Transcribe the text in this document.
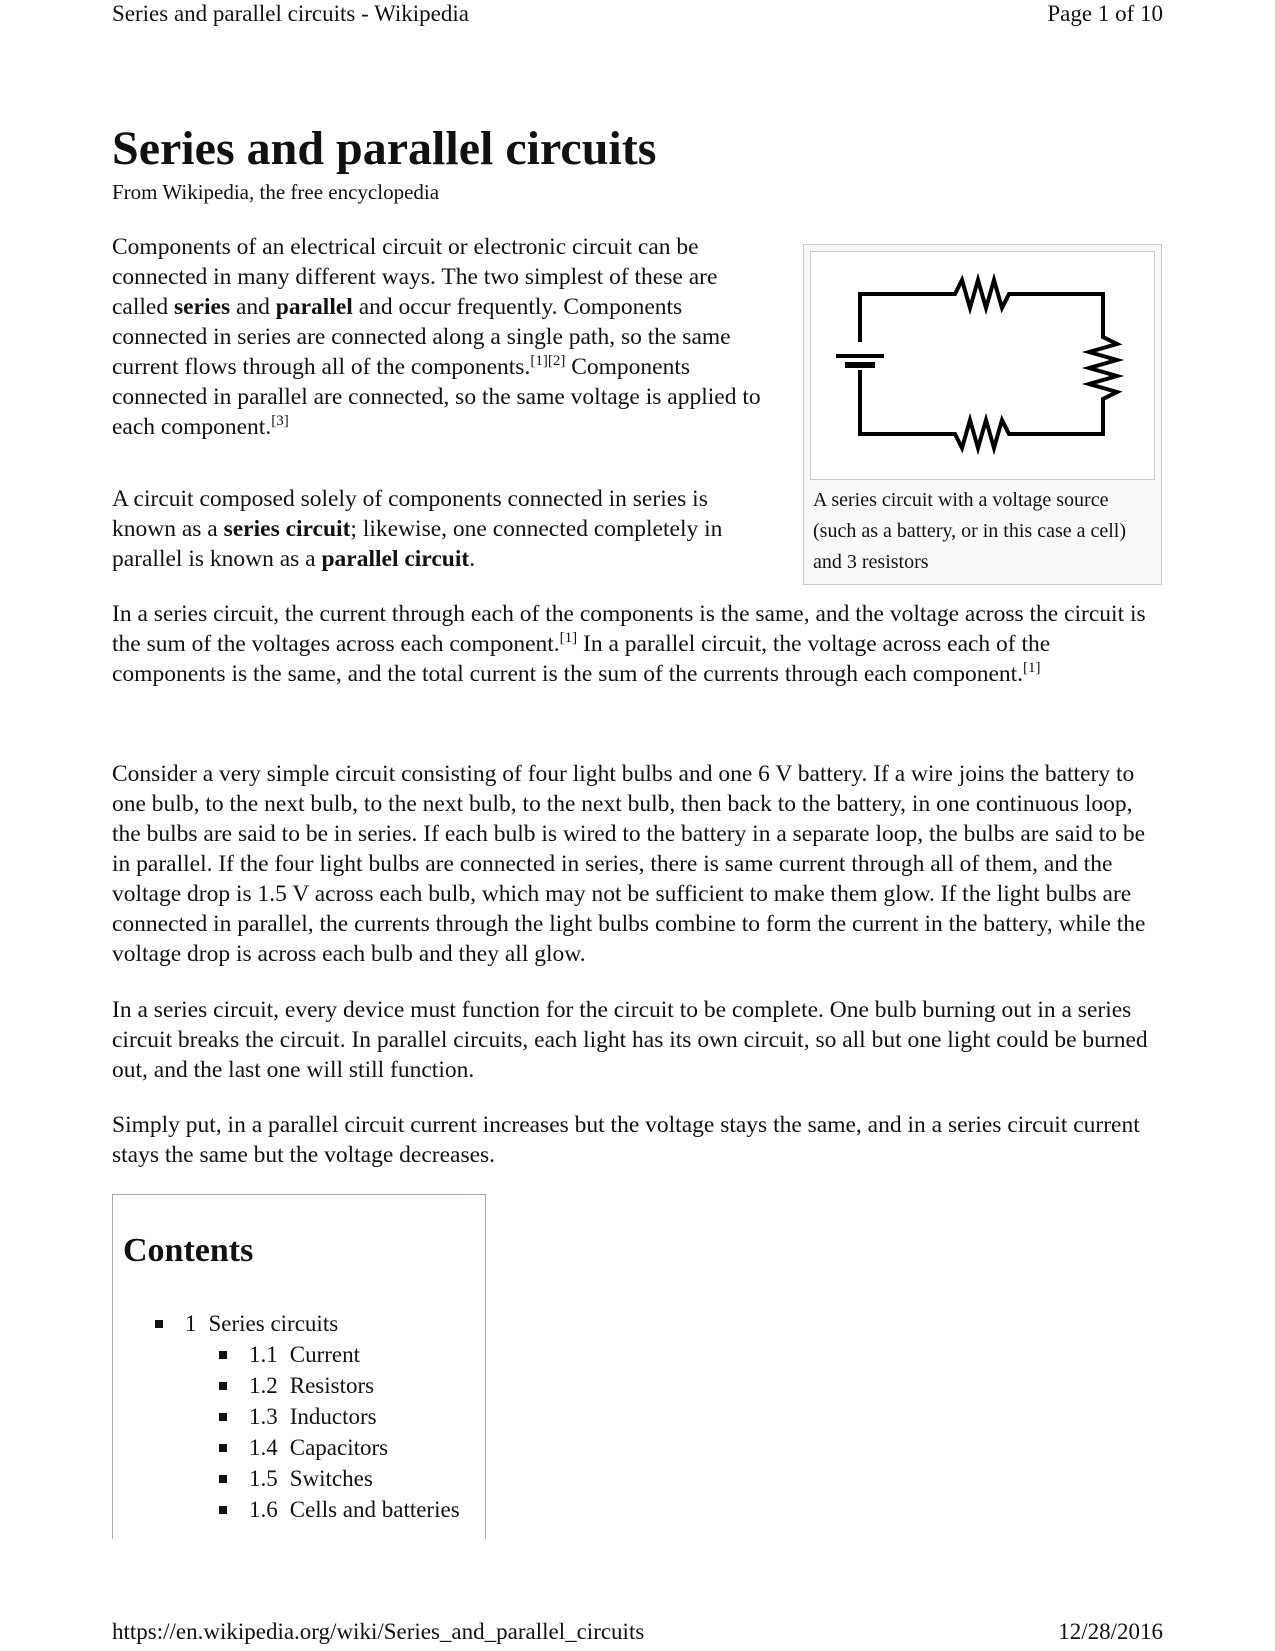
Series and parallel circuits - Wikipedia	Page 1 of 10
Series and parallel circuits
From Wikipedia, the free encyclopedia

Components of an electrical circuit or electronic circuit can be connected in many different ways. The two simplest of these are called series and parallel and occur frequently. Components connected in series are connected along a single path, so the same current flows through all of the components.[1][2] Components connected in parallel are connected, so the same voltage is applied to each component.[3]

A circuit composed solely of components connected in series is known as a series circuit; likewise, one connected completely in parallel is known as a parallel circuit.

In a series circuit, the current through each of the components is the same, and the voltage across the circuit is the sum of the voltages across each component.[1] In a parallel circuit, the voltage across each of the components is the same, and the total current is the sum of the currents through each component.[1]

Consider a very simple circuit consisting of four light bulbs and one 6 V battery. If a wire joins the battery to one bulb, to the next bulb, to the next bulb, to the next bulb, then back to the battery, in one continuous loop, the bulbs are said to be in series. If each bulb is wired to the battery in a separate loop, the bulbs are said to be in parallel. If the four light bulbs are connected in series, there is same current through all of them, and the voltage drop is 1.5 V across each bulb, which may not be sufficient to make them glow. If the light bulbs are connected in parallel, the currents through the light bulbs combine to form the current in the battery, while the voltage drop is across each bulb and they all glow.

In a series circuit, every device must function for the circuit to be complete. One bulb burning out in a series circuit breaks the circuit. In parallel circuits, each light has its own circuit, so all but one light could be burned out, and the last one will still function.

Simply put, in a parallel circuit current increases but the voltage stays the same, and in a series circuit current stays the same but the voltage decreases.

A series circuit with a voltage source (such as a battery, or in this case a cell) and 3 resistors
Contents
1 Series circuits
1.1 Current
1.2 Resistors
1.3 Inductors
1.4 Capacitors
1.5 Switches
1.6 Cells and batteries
https://en.wikipedia.org/wiki/Series_and_parallel_circuits	12/28/2016
